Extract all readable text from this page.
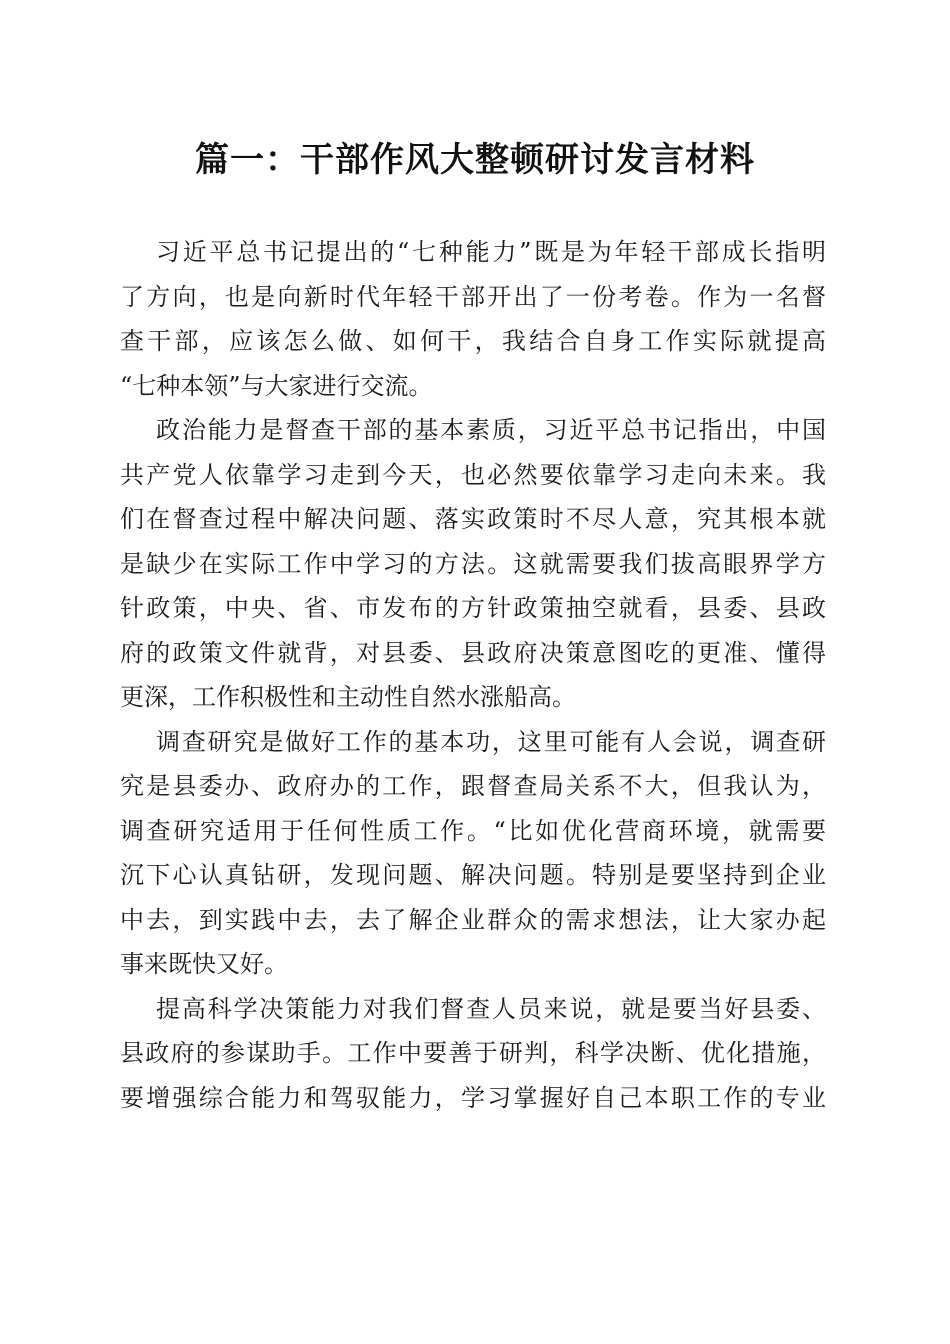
篇一：干部作风大整顿研讨发言材料

习近平总书记提出的“七种能力”既是为年轻干部成长指明
了方向，也是向新时代年轻干部开出了一份考卷。作为一名督
查干部，应该怎么做、如何干，我结合自身工作实际就提高
“七种本领”与大家进行交流。

政治能力是督查干部的基本素质，习近平总书记指出，中国
共产党人依靠学习走到今天，也必然要依靠学习走向未来。我
们在督查过程中解决问题、落实政策时不尽人意，究其根本就
是缺少在实际工作中学习的方法。这就需要我们拔高眼界学方
针政策，中央、省、市发布的方针政策抽空就看，县委、县政
府的政策文件就背，对县委、县政府决策意图吃的更准、懂得
更深，工作积极性和主动性自然水涨船高。

调查研究是做好工作的基本功，这里可能有人会说，调查研
究是县委办、政府办的工作，跟督查局关系不大，但我认为，
调查研究适用于任何性质工作。“比如优化营商环境，就需要
沉下心认真钻研，发现问题、解决问题。特别是要坚持到企业
中去，到实践中去，去了解企业群众的需求想法，让大家办起
事来既快又好。

提高科学决策能力对我们督查人员来说，就是要当好县委、
县政府的参谋助手。工作中要善于研判，科学决断、优化措施，
要增强综合能力和驾驭能力，学习掌握好自己本职工作的专业
